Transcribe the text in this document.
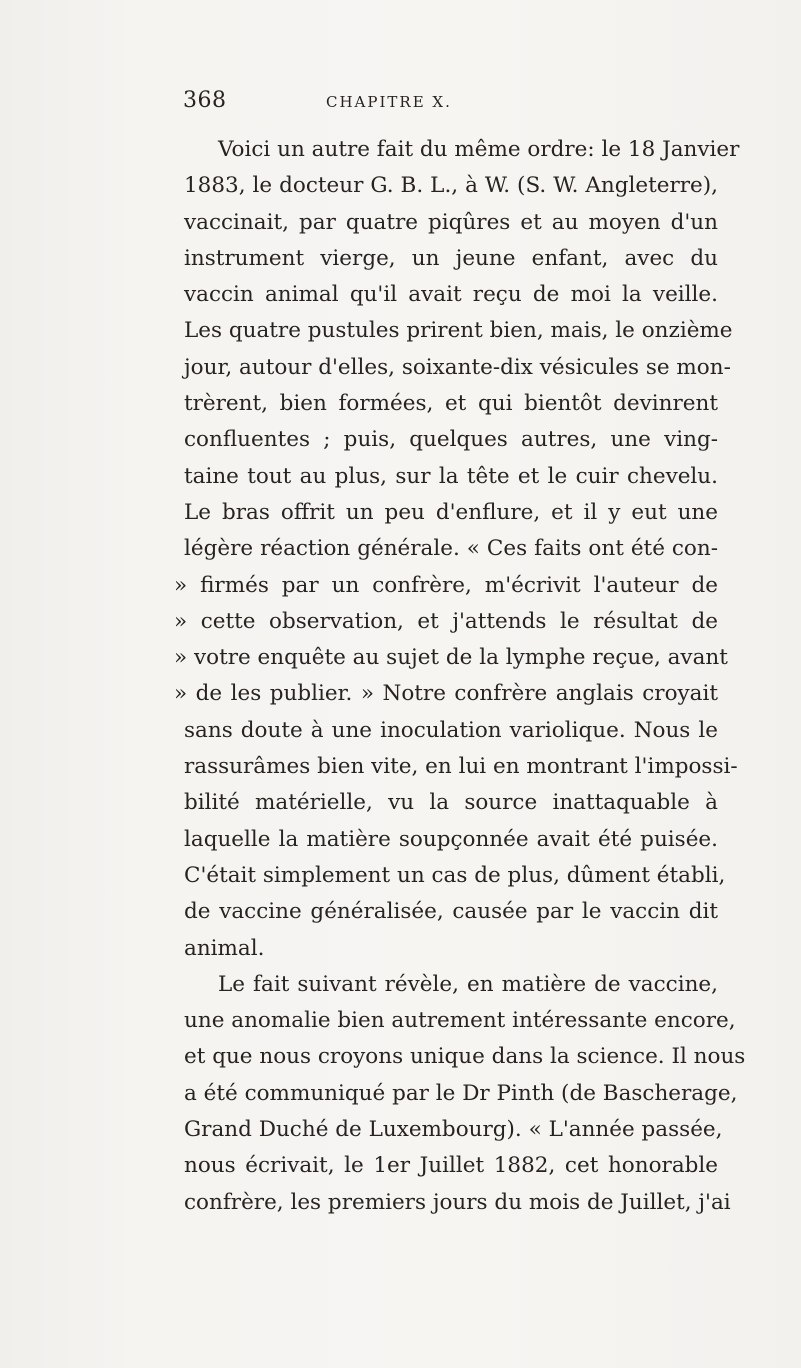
368	CHAPITRE X.
Voici un autre fait du même ordre: le 18 Janvier
1883, le docteur G. B. L., à W. (S. W. Angleterre),
vaccinait, par quatre piqûres et au moyen d'un
instrument vierge, un jeune enfant, avec du
vaccin animal qu'il avait reçu de moi la veille.
Les quatre pustules prirent bien, mais, le onzième
jour, autour d'elles, soixante-dix vésicules se mon-
trèrent, bien formées, et qui bientôt devinrent
confluentes ; puis, quelques autres, une ving-
taine tout au plus, sur la tête et le cuir chevelu.
Le bras offrit un peu d'enflure, et il y eut une
légère réaction générale. « Ces faits ont été con-
» firmés par un confrère, m'écrivit l'auteur de
» cette observation, et j'attends le résultat de
» votre enquête au sujet de la lymphe reçue, avant
» de les publier. » Notre confrère anglais croyait
sans doute à une inoculation variolique. Nous le
rassurâmes bien vite, en lui en montrant l'impossi-
bilité matérielle, vu la source inattaquable à
laquelle la matière soupçonnée avait été puisée.
C'était simplement un cas de plus, dûment établi,
de vaccine généralisée, causée par le vaccin dit
animal.
Le fait suivant révèle, en matière de vaccine,
une anomalie bien autrement intéressante encore,
et que nous croyons unique dans la science. Il nous
a été communiqué par le Dr Pinth (de Bascherage,
Grand Duché de Luxembourg). « L'année passée,
nous écrivait, le 1er Juillet 1882, cet honorable
confrère, les premiers jours du mois de Juillet, j'ai
